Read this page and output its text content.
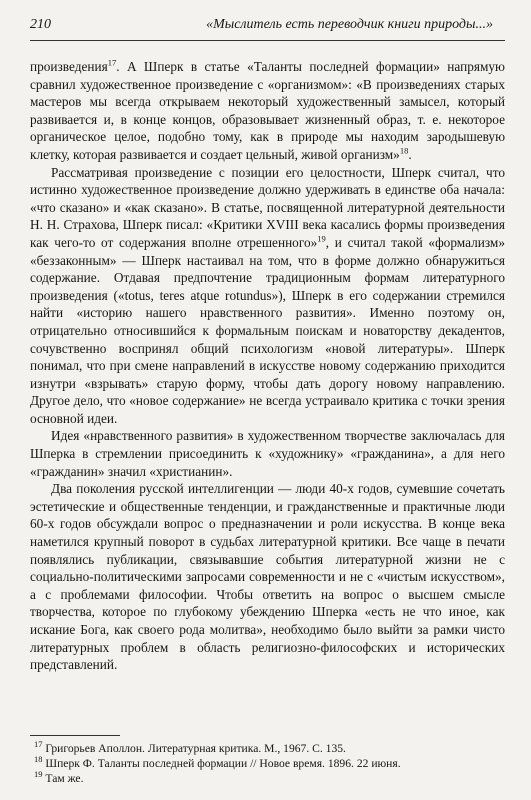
210	«Мыслитель есть переводчик книги природы...»

произведения$^{17}$. А Шперк в статье «Таланты последней формации» напрямую сравнил художественное произведение с «организмом»: «В произведениях старых мастеров мы всегда открываем некоторый художественный замысел, который развивается и, в конце концов, образовывает жизненный образ, т. е. некоторое органическое целое, подобно тому, как в природе мы находим зародышевую клетку, которая развивается и создает цельный, живой организм»$^{18}$.

Рассматривая произведение с позиции его целостности, Шперк считал, что истинно художественное произведение должно удерживать в единстве оба начала: «что сказано» и «как сказано». В статье, посвященной литературной деятельности Н. Н. Страхова, Шперк писал: «Критики XVIII века касались формы произведения как чего-то от содержания вполне отрешенного»$^{19}$, и считал такой «формализм» «беззаконным» — Шперк настаивал на том, что в форме должно обнаружиться содержание. Отдавая предпочтение традиционным формам литературного произведения («totus, teres atque rotundus»), Шперк в его содержании стремился найти «историю нашего нравственного развития». Именно поэтому он, отрицательно относившийся к формальным поискам и новаторству декадентов, сочувственно воспринял общий психологизм «новой литературы». Шперк понимал, что при смене направлений в искусстве новому содержанию приходится изнутри «взрывать» старую форму, чтобы дать дорогу новому направлению. Другое дело, что «новое содержание» не всегда устраивало критика с точки зрения основной идеи.

Идея «нравственного развития» в художественном творчестве заключалась для Шперка в стремлении присоединить к «художнику» «гражданина», а для него «гражданин» значил «христианин».

Два поколения русской интеллигенции — люди 40-х годов, сумевшие сочетать эстетические и общественные тенденции, и гражданственные и практичные люди 60-х годов обсуждали вопрос о предназначении и роли искусства. В конце века наметился крупный поворот в судьбах литературной критики. Все чаще в печати появлялись публикации, связывавшие события литературной жизни не с социально-политическими запросами современности и не с «чистым искусством», а с проблемами философии. Чтобы ответить на вопрос о высшем смысле творчества, которое по глубокому убеждению Шперка «есть не что иное, как искание Бога, как своего рода молитва», необходимо было выйти за рамки чисто литературных проблем в область религиозно-философских и исторических представлений.

$^{17}$ Григорьев Аполлон. Литературная критика. М., 1967. С. 135.
$^{18}$ Шперк Ф. Таланты последней формации // Новое время. 1896. 22 июня.
$^{19}$ Там же.
